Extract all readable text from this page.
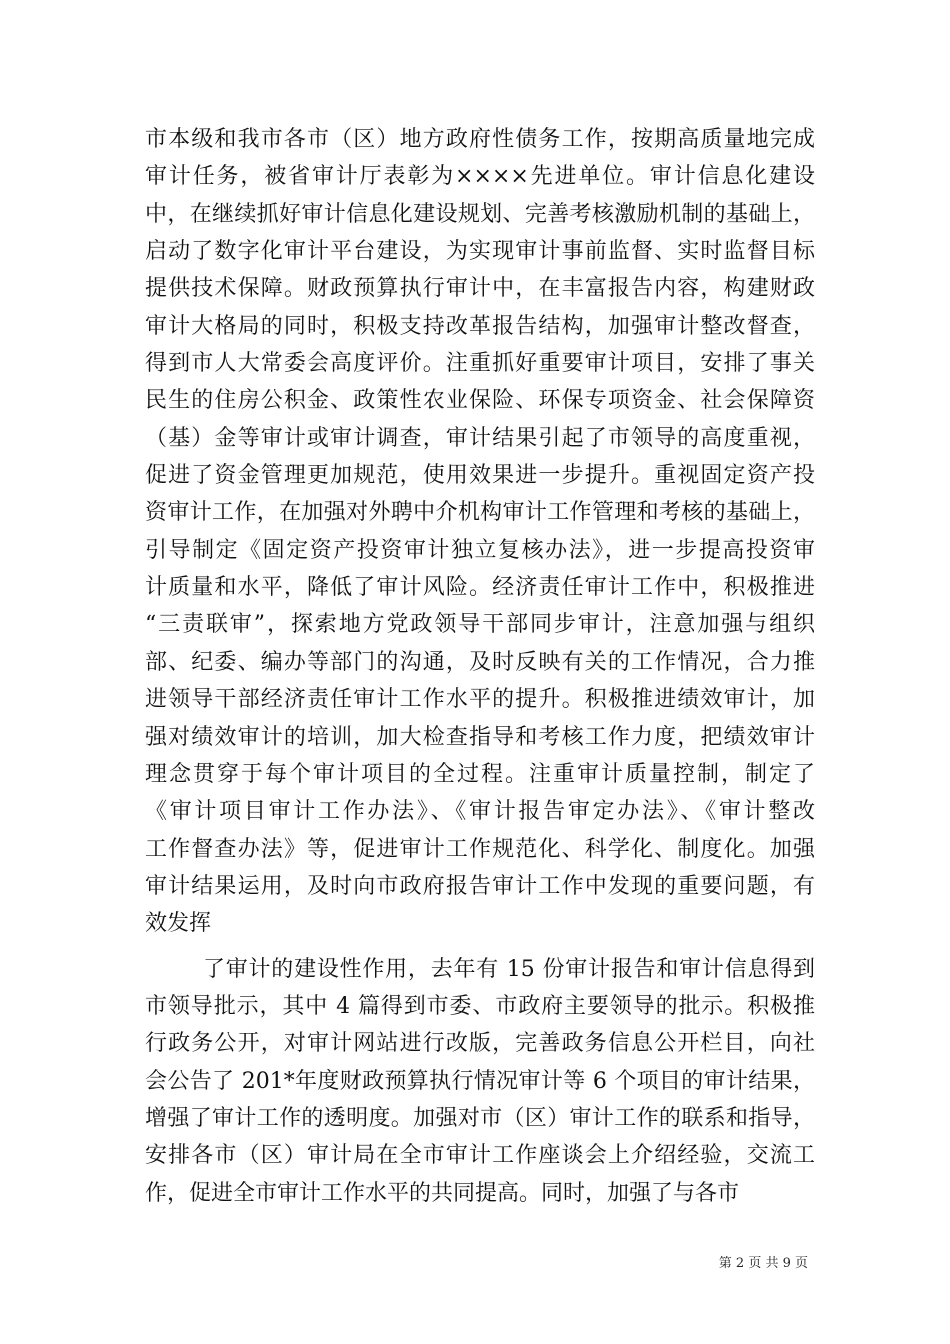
市本级和我市各市（区）地方政府性债务工作，按期高质量地完成
审计任务，被省审计厅表彰为××××先进单位。审计信息化建设
中，在继续抓好审计信息化建设规划、完善考核激励机制的基础上，
启动了数字化审计平台建设，为实现审计事前监督、实时监督目标
提供技术保障。财政预算执行审计中，在丰富报告内容，构建财政
审计大格局的同时，积极支持改革报告结构，加强审计整改督查，
得到市人大常委会高度评价。注重抓好重要审计项目，安排了事关
民生的住房公积金、政策性农业保险、环保专项资金、社会保障资
（基）金等审计或审计调查，审计结果引起了市领导的高度重视，
促进了资金管理更加规范，使用效果进一步提升。重视固定资产投
资审计工作，在加强对外聘中介机构审计工作管理和考核的基础上，
引导制定《固定资产投资审计独立复核办法》，进一步提高投资审
计质量和水平，降低了审计风险。经济责任审计工作中，积极推进
“三责联审”，探索地方党政领导干部同步审计，注意加强与组织
部、纪委、编办等部门的沟通，及时反映有关的工作情况，合力推
进领导干部经济责任审计工作水平的提升。积极推进绩效审计，加
强对绩效审计的培训，加大检查指导和考核工作力度，把绩效审计
理念贯穿于每个审计项目的全过程。注重审计质量控制，制定了
《审计项目审计工作办法》、《审计报告审定办法》、《审计整改
工作督查办法》等，促进审计工作规范化、科学化、制度化。加强
审计结果运用，及时向市政府报告审计工作中发现的重要问题，有
效发挥
了审计的建设性作用，去年有 15 份审计报告和审计信息得到
市领导批示，其中 4 篇得到市委、市政府主要领导的批示。积极推
行政务公开，对审计网站进行改版，完善政务信息公开栏目，向社
会公告了 201*年度财政预算执行情况审计等 6 个项目的审计结果，
增强了审计工作的透明度。加强对市（区）审计工作的联系和指导，
安排各市（区）审计局在全市审计工作座谈会上介绍经验，交流工
作，促进全市审计工作水平的共同提高。同时，加强了与各市
第 2 页 共 9 页
